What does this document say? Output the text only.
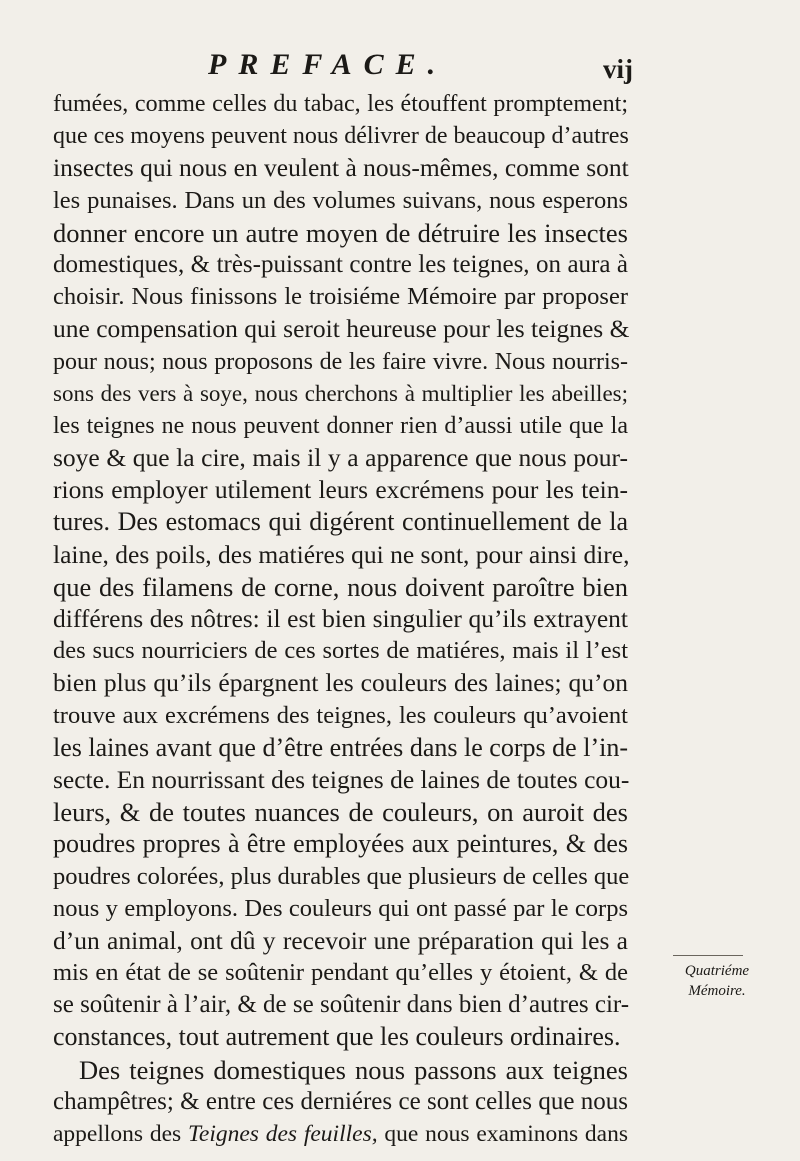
PREFACE.	vij
fumées, comme celles du tabac, les étouffent promptement;
que ces moyens peuvent nous délivrer de beaucoup d’autres
insectes qui nous en veulent à nous-mêmes, comme sont
les punaises. Dans un des volumes suivans, nous esperons
donner encore un autre moyen de détruire les insectes
domestiques, & très-puissant contre les teignes, on aura à
choisir. Nous finissons le troisiéme Mémoire par proposer
une compensation qui seroit heureuse pour les teignes &
pour nous; nous proposons de les faire vivre. Nous nourris-
sons des vers à soye, nous cherchons à multiplier les abeilles;
les teignes ne nous peuvent donner rien d’aussi utile que la
soye & que la cire, mais il y a apparence que nous pour-
rions employer utilement leurs excrémens pour les tein-
tures. Des estomacs qui digérent continuellement de la
laine, des poils, des matiéres qui ne sont, pour ainsi dire,
que des filamens de corne, nous doivent paroître bien
différens des nôtres: il est bien singulier qu’ils extrayent
des sucs nourriciers de ces sortes de matiéres, mais il l’est
bien plus qu’ils épargnent les couleurs des laines; qu’on
trouve aux excrémens des teignes, les couleurs qu’avoient
les laines avant que d’être entrées dans le corps de l’in-
secte. En nourrissant des teignes de laines de toutes cou-
leurs, & de toutes nuances de couleurs, on auroit des
poudres propres à être employées aux peintures, & des
poudres colorées, plus durables que plusieurs de celles que
nous y employons. Des couleurs qui ont passé par le corps
d’un animal, ont dû y recevoir une préparation qui les a
mis en état de se soûtenir pendant qu’elles y étoient, & de
se soûtenir à l’air, & de se soûtenir dans bien d’autres cir-
constances, tout autrement que les couleurs ordinaires.
Des teignes domestiques nous passons aux teignes
champêtres; & entre ces derniéres ce sont celles que nous
appellons des Teignes des feuilles, que nous examinons dans
Quatriéme
Mémoire.
